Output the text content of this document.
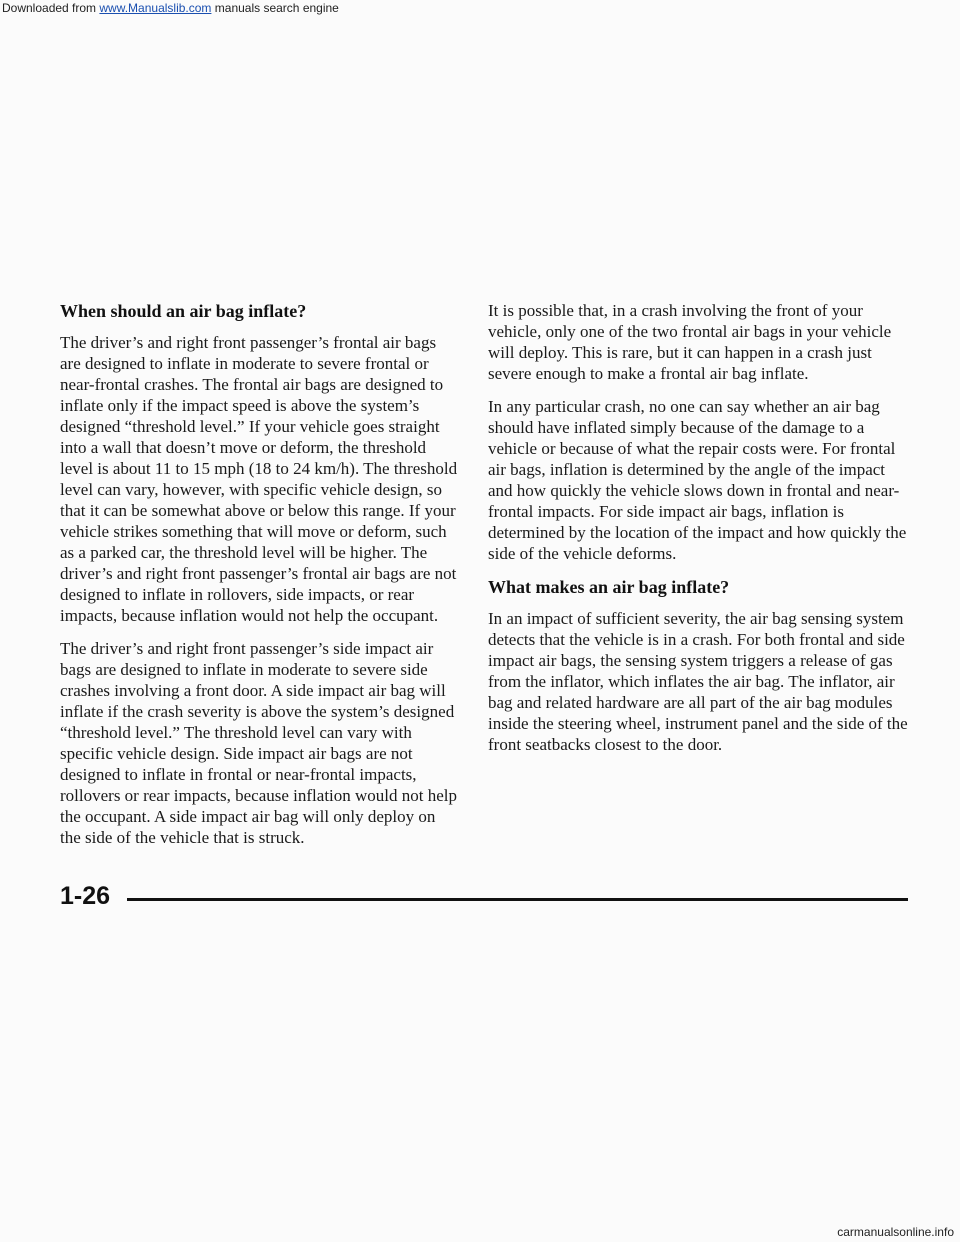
Downloaded from www.Manualslib.com manuals search engine
When should an air bag inflate?

The driver’s and right front passenger’s frontal air bags are designed to inflate in moderate to severe frontal or near-frontal crashes. The frontal air bags are designed to inflate only if the impact speed is above the system’s designed “threshold level.” If your vehicle goes straight into a wall that doesn’t move or deform, the threshold level is about 11 to 15 mph (18 to 24 km/h). The threshold level can vary, however, with specific vehicle design, so that it can be somewhat above or below this range. If your vehicle strikes something that will move or deform, such as a parked car, the threshold level will be higher. The driver’s and right front passenger’s frontal air bags are not designed to inflate in rollovers, side impacts, or rear impacts, because inflation would not help the occupant.

The driver’s and right front passenger’s side impact air bags are designed to inflate in moderate to severe side crashes involving a front door. A side impact air bag will inflate if the crash severity is above the system’s designed “threshold level.” The threshold level can vary with specific vehicle design. Side impact air bags are not designed to inflate in frontal or near-frontal impacts, rollovers or rear impacts, because inflation would not help the occupant. A side impact air bag will only deploy on the side of the vehicle that is struck.

It is possible that, in a crash involving the front of your vehicle, only one of the two frontal air bags in your vehicle will deploy. This is rare, but it can happen in a crash just severe enough to make a frontal air bag inflate.

In any particular crash, no one can say whether an air bag should have inflated simply because of the damage to a vehicle or because of what the repair costs were. For frontal air bags, inflation is determined by the angle of the impact and how quickly the vehicle slows down in frontal and near-frontal impacts. For side impact air bags, inflation is determined by the location of the impact and how quickly the side of the vehicle deforms.

What makes an air bag inflate?

In an impact of sufficient severity, the air bag sensing system detects that the vehicle is in a crash. For both frontal and side impact air bags, the sensing system triggers a release of gas from the inflator, which inflates the air bag. The inflator, air bag and related hardware are all part of the air bag modules inside the steering wheel, instrument panel and the side of the front seatbacks closest to the door.

1-26
carmanualsonline.info
